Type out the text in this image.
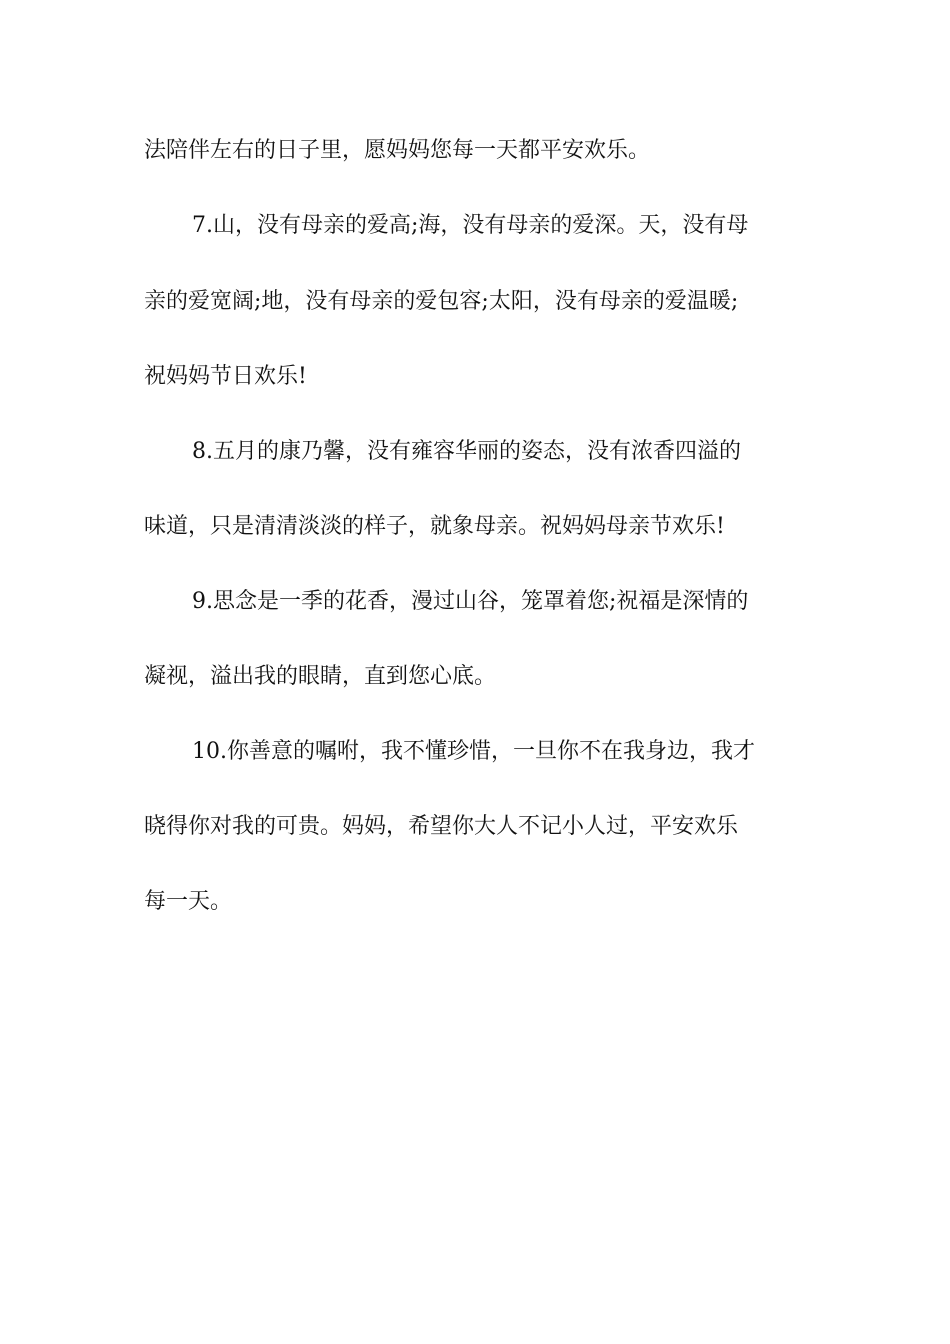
法陪伴左右的日子里，愿妈妈您每一天都平安欢乐。
7.山，没有母亲的爱高;海，没有母亲的爱深。天，没有母
亲的爱宽阔;地，没有母亲的爱包容;太阳，没有母亲的爱温暖;
祝妈妈节日欢乐!
8.五月的康乃馨，没有雍容华丽的姿态，没有浓香四溢的
味道，只是清清淡淡的样子，就象母亲。祝妈妈母亲节欢乐!
9.思念是一季的花香，漫过山谷，笼罩着您;祝福是深情的
凝视，溢出我的眼睛，直到您心底。
10.你善意的嘱咐，我不懂珍惜，一旦你不在我身边，我才
晓得你对我的可贵。妈妈，希望你大人不记小人过，平安欢乐
每一天。
